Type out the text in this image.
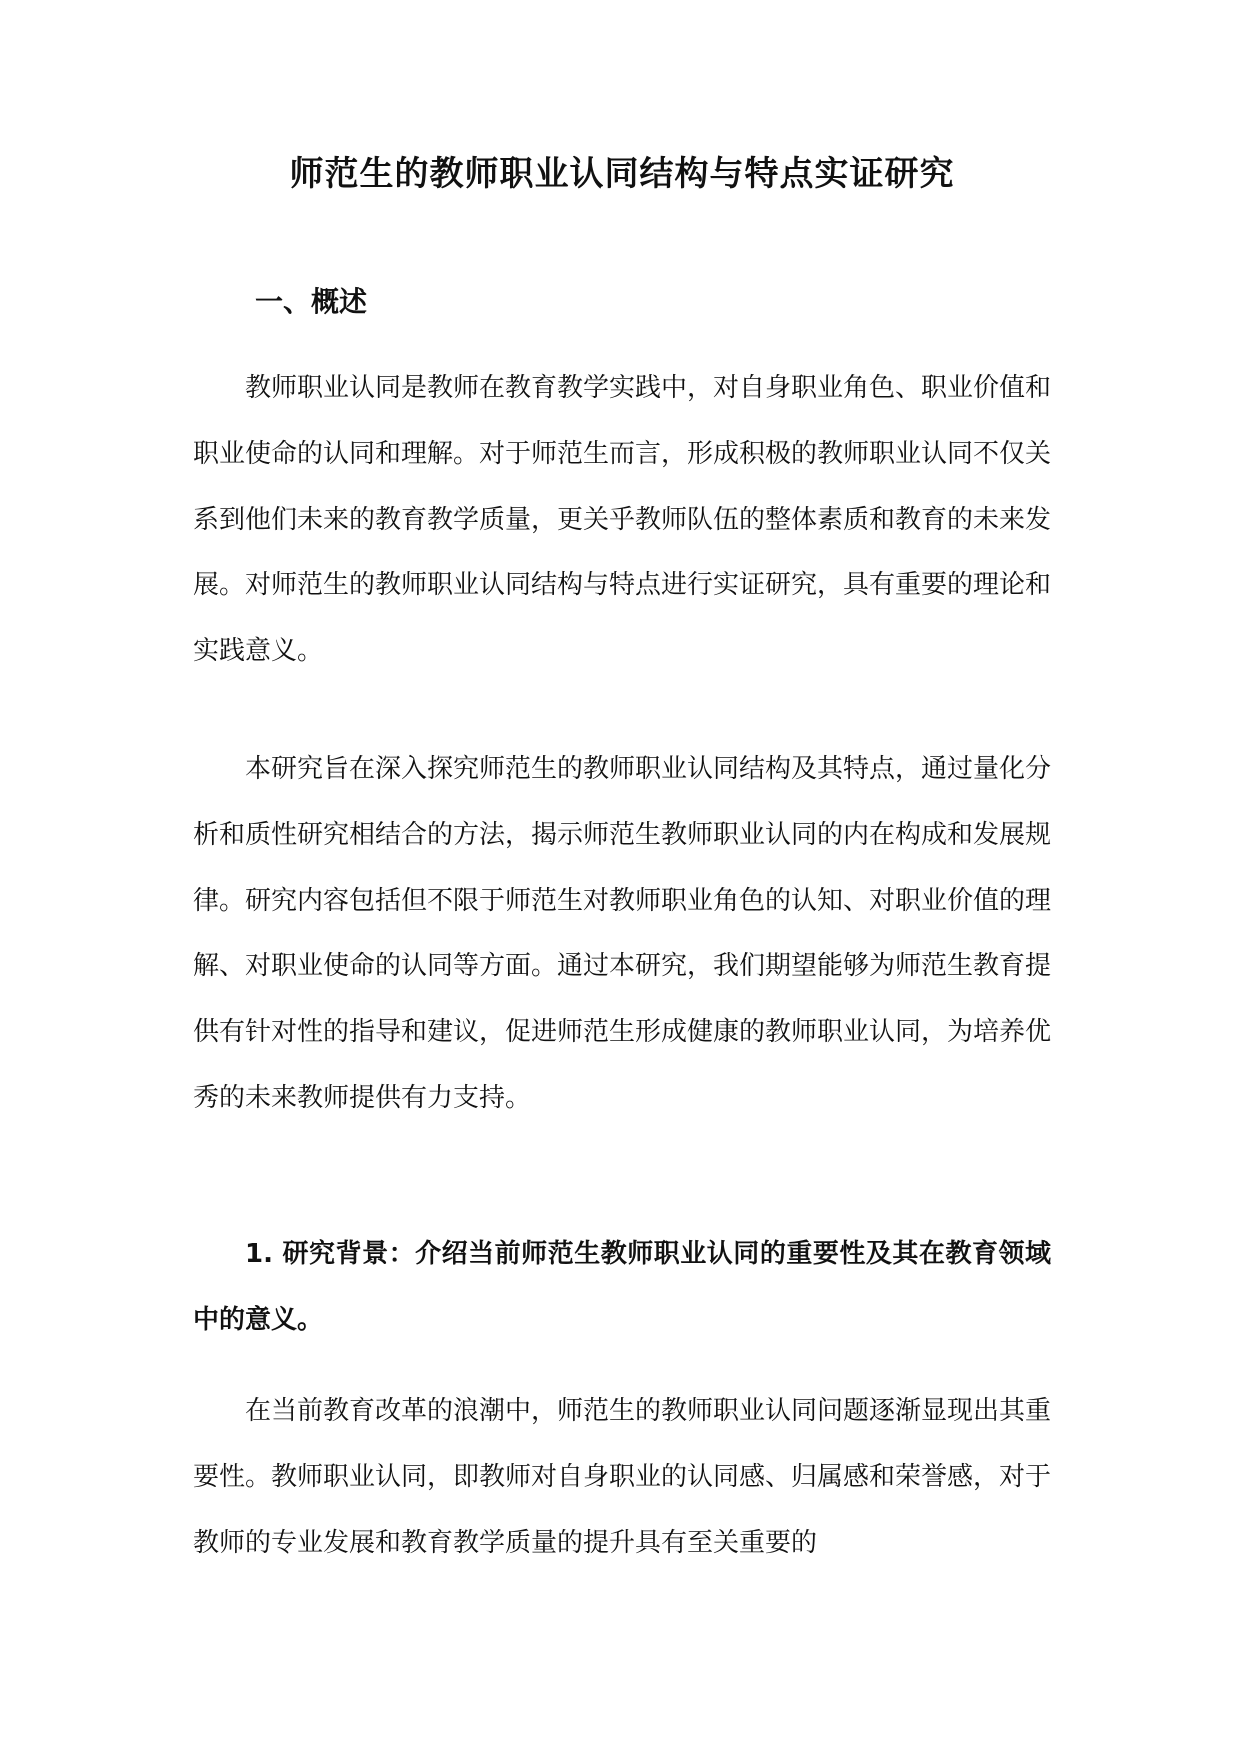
师范生的教师职业认同结构与特点实证研究
一、概述

教师职业认同是教师在教育教学实践中，对自身职业角色、职业价值和职业使命的认同和理解。对于师范生而言，形成积极的教师职业认同不仅关系到他们未来的教育教学质量，更关乎教师队伍的整体素质和教育的未来发展。对师范生的教师职业认同结构与特点进行实证研究，具有重要的理论和实践意义。

本研究旨在深入探究师范生的教师职业认同结构及其特点，通过量化分析和质性研究相结合的方法，揭示师范生教师职业认同的内在构成和发展规律。研究内容包括但不限于师范生对教师职业角色的认知、对职业价值的理解、对职业使命的认同等方面。通过本研究，我们期望能够为师范生教育提供有针对性的指导和建议，促进师范生形成健康的教师职业认同，为培养优秀的未来教师提供有力支持。

1. 研究背景：介绍当前师范生教师职业认同的重要性及其在教育领域中的意义。

在当前教育改革的浪潮中，师范生的教师职业认同问题逐渐显现出其重要性。教师职业认同，即教师对自身职业的认同感、归属感和荣誉感，对于教师的专业发展和教育教学质量的提升具有至关重要的
